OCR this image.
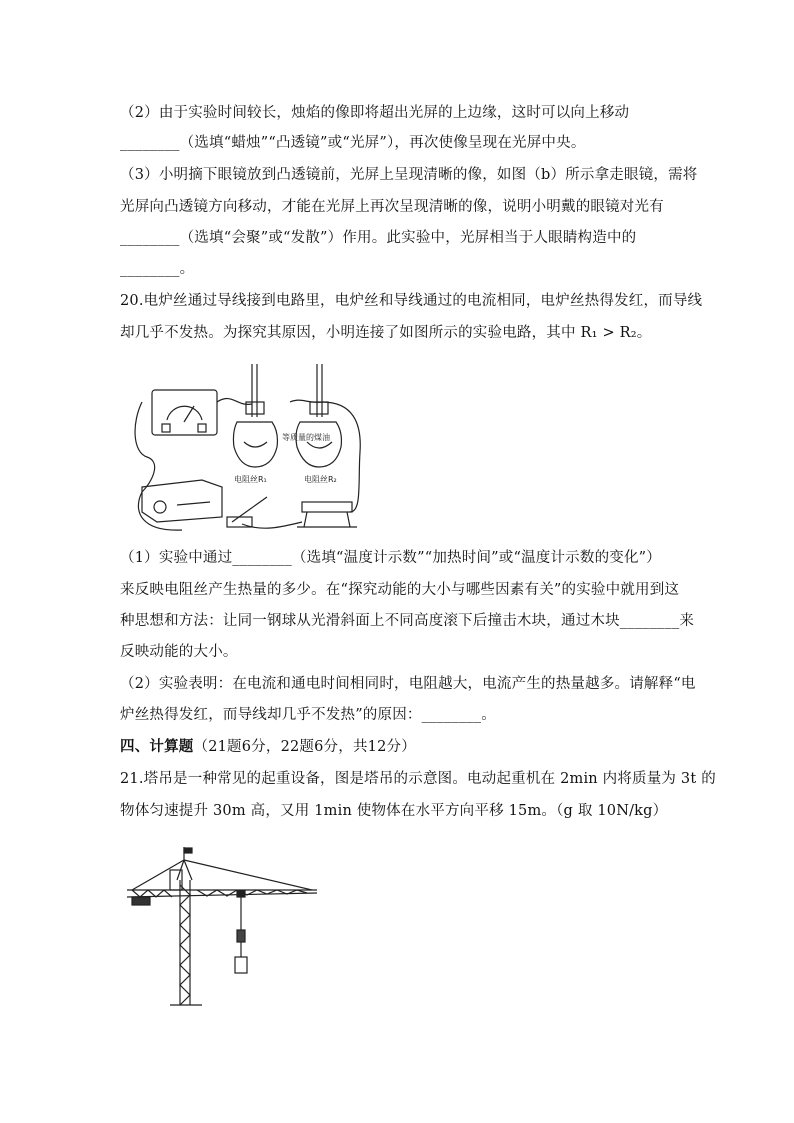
（2）由于实验时间较长，烛焰的像即将超出光屏的上边缘，这时可以向上移动
________（选填“蜡烛”“凸透镜”或“光屏”），再次使像呈现在光屏中央。
（3）小明摘下眼镜放到凸透镜前，光屏上呈现清晰的像，如图（b）所示拿走眼镜，需将
光屏向凸透镜方向移动，才能在光屏上再次呈现清晰的像，说明小明戴的眼镜对光有
________（选填“会聚”或“发散”）作用。此实验中，光屏相当于人眼睛构造中的
________。
20.电炉丝通过导线接到电路里，电炉丝和导线通过的电流相同，电炉丝热得发红，而导线
却几乎不发热。为探究其原因，小明连接了如图所示的实验电路，其中 R₁ > R₂。
等质量的煤油
电阻丝R₁	电阻丝R₂
（1）实验中通过________（选填“温度计示数”“加热时间”或“温度计示数的变化”）
来反映电阻丝产生热量的多少。在“探究动能的大小与哪些因素有关”的实验中就用到这
种思想和方法：让同一钢球从光滑斜面上不同高度滚下后撞击木块，通过木块________来
反映动能的大小。
（2）实验表明：在电流和通电时间相同时，电阻越大，电流产生的热量越多。请解释“电
炉丝热得发红，而导线却几乎不发热”的原因：________。
四、计算题（21题6分，22题6分，共12分）
21.塔吊是一种常见的起重设备，图是塔吊的示意图。电动起重机在 2min 内将质量为 3t 的
物体匀速提升 30m 高，又用 1min 使物体在水平方向平移 15m。（g 取 10N/kg）
